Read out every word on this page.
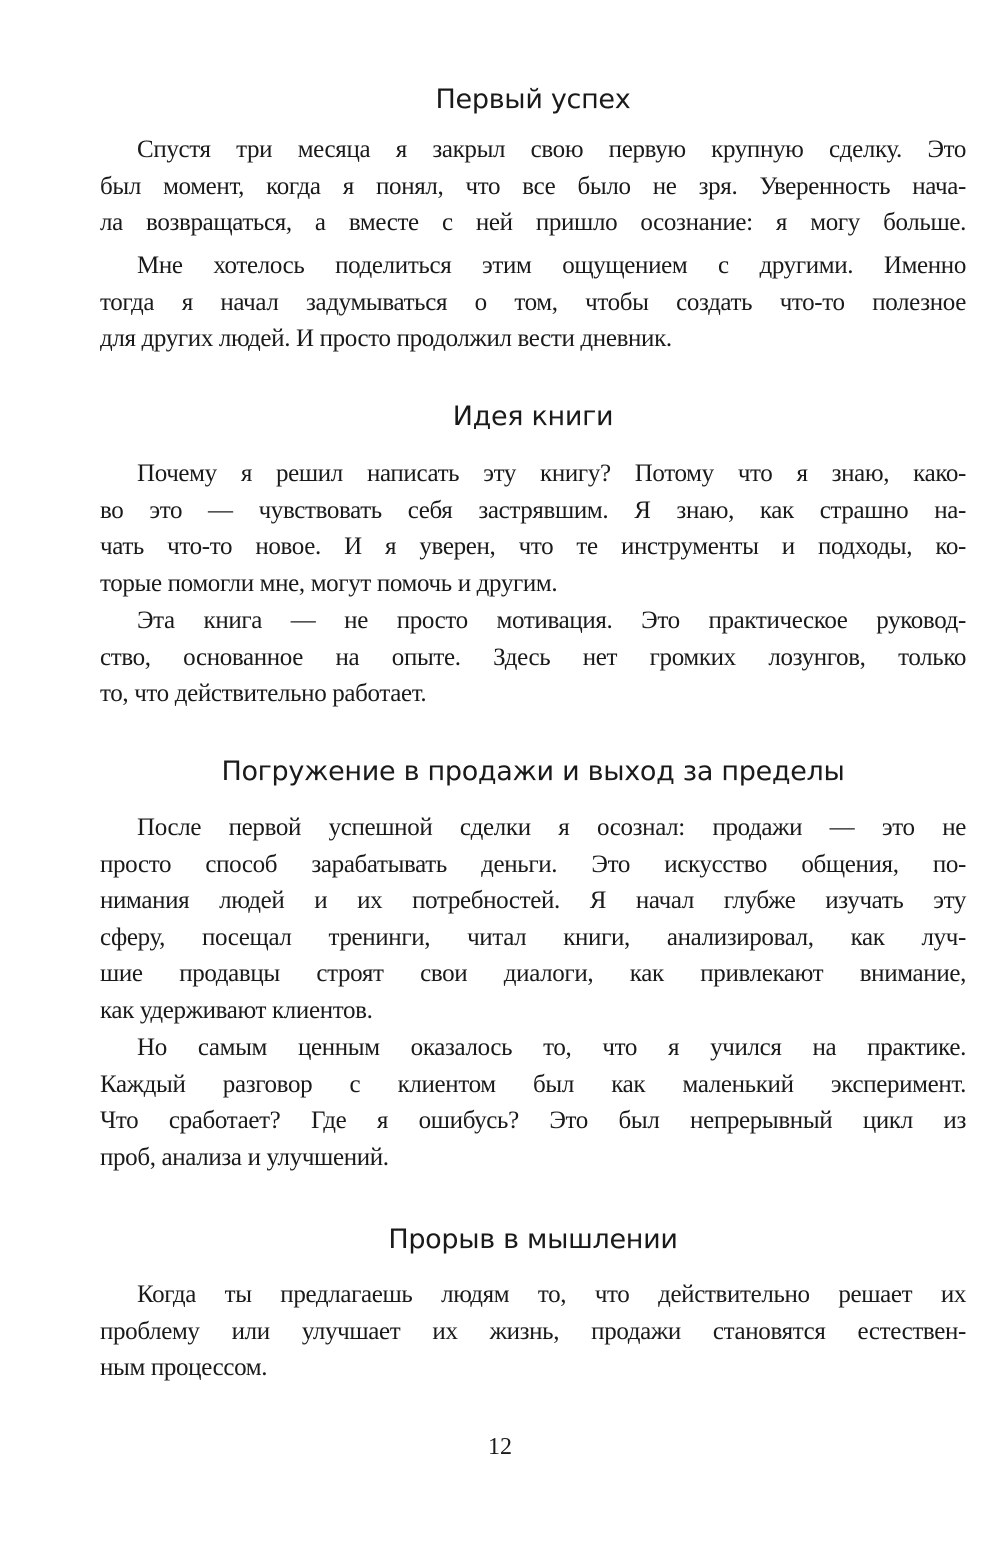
Первый успех

Спустя три месяца я закрыл свою первую крупную сделку. Это
был момент, когда я понял, что все было не зря. Уверенность нача-
ла возвращаться, а вместе с ней пришло осознание: я могу больше.

Мне хотелось поделиться этим ощущением с другими. Именно
тогда я начал задумываться о том, чтобы создать что-то полезное
для других людей. И просто продолжил вести дневник.

Идея книги

Почему я решил написать эту книгу? Потому что я знаю, како-
во это — чувствовать себя застрявшим. Я знаю, как страшно на-
чать что-то новое. И я уверен, что те инструменты и подходы, ко-
торые помогли мне, могут помочь и другим.

Эта книга — не просто мотивация. Это практическое руковод-
ство, основанное на опыте. Здесь нет громких лозунгов, только
то, что действительно работает.

Погружение в продажи и выход за пределы

После первой успешной сделки я осознал: продажи — это не
просто способ зарабатывать деньги. Это искусство общения, по-
нимания людей и их потребностей. Я начал глубже изучать эту
сферу, посещал тренинги, читал книги, анализировал, как луч-
шие продавцы строят свои диалоги, как привлекают внимание,
как удерживают клиентов.

Но самым ценным оказалось то, что я учился на практике.
Каждый разговор с клиентом был как маленький эксперимент.
Что сработает? Где я ошибусь? Это был непрерывный цикл из
проб, анализа и улучшений.

Прорыв в мышлении

Когда ты предлагаешь людям то, что действительно решает их
проблему или улучшает их жизнь, продажи становятся естествен-
ным процессом.

12
